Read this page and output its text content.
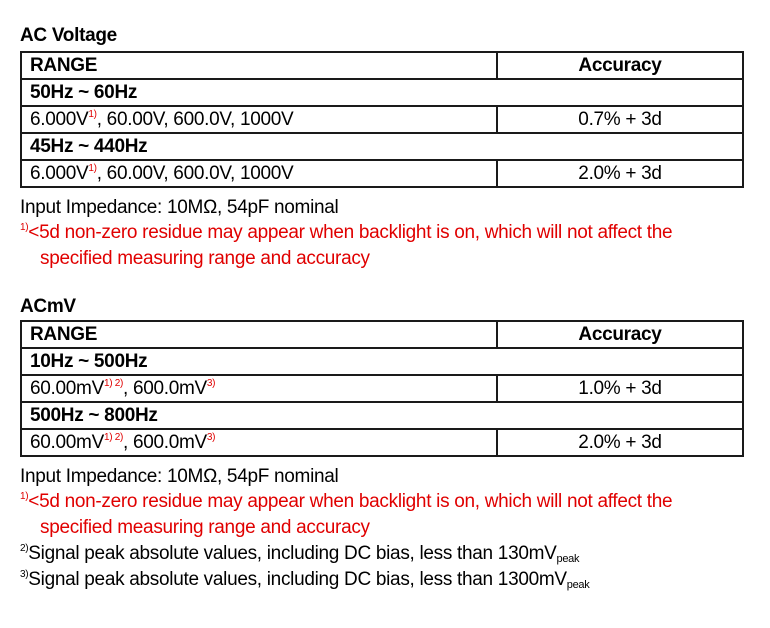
AC Voltage
RANGE	Accuracy
50Hz ~ 60Hz	
6.000V$^{1)}$, 60.00V, 600.0V, 1000V	0.7% + 3d
45Hz ~ 440Hz	
6.000V$^{1)}$, 60.00V, 600.0V, 1000V	2.0% + 3d
Input Impedance: 10MΩ, 54pF nominal
$^{1)}$<5d non-zero residue may appear when backlight is on, which will not affect the
specified measuring range and accuracy
ACmV
RANGE	Accuracy
10Hz ~ 500Hz	
60.00mV$^{1) 2)}$, 600.0mV$^{3)}$	1.0% + 3d
500Hz ~ 800Hz	
60.00mV$^{1) 2)}$, 600.0mV$^{3)}$	2.0% + 3d
Input Impedance: 10MΩ, 54pF nominal
$^{1)}$<5d non-zero residue may appear when backlight is on, which will not affect the
specified measuring range and accuracy
$^{2)}$Signal peak absolute values, including DC bias, less than $130mV_{peak}$
$^{3)}$Signal peak absolute values, including DC bias, less than $1300mV_{peak}$
